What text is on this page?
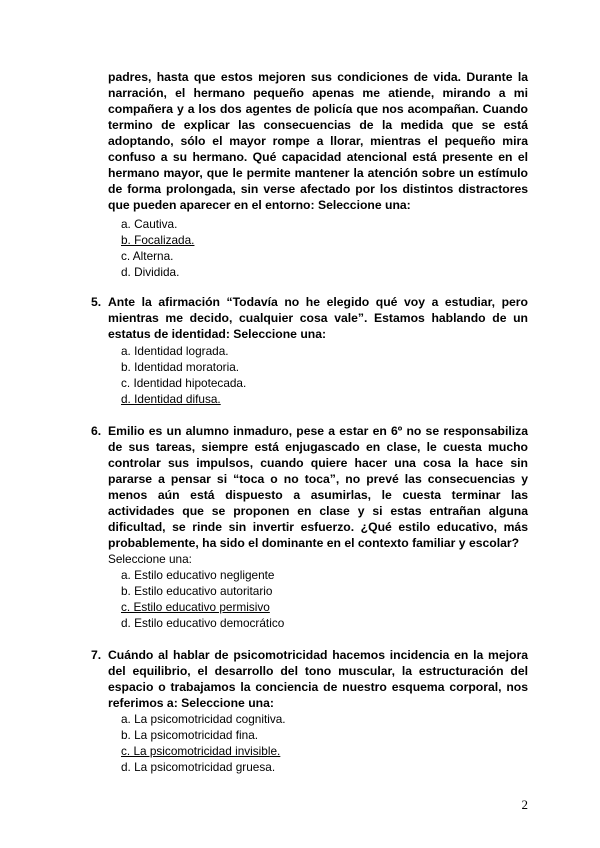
padres, hasta que estos mejoren sus condiciones de vida. Durante la narración, el hermano pequeño apenas me atiende, mirando a mi compañera y a los dos agentes de policía que nos acompañan. Cuando termino de explicar las consecuencias de la medida que se está adoptando, sólo el mayor rompe a llorar, mientras el pequeño mira confuso a su hermano. Qué capacidad atencional está presente en el hermano mayor, que le permite mantener la atención sobre un estímulo de forma prolongada, sin verse afectado por los distintos distractores que pueden aparecer en el entorno: Seleccione una:

a. Cautiva.
b. Focalizada.
c. Alterna.
d. Dividida.
5. Ante la afirmación “Todavía no he elegido qué voy a estudiar, pero mientras me decido, cualquier cosa vale”. Estamos hablando de un estatus de identidad: Seleccione una:

a. Identidad lograda.
b. Identidad moratoria.
c. Identidad hipotecada.
d. Identidad difusa.
6. Emilio es un alumno inmaduro, pese a estar en 6º no se responsabiliza de sus tareas, siempre está enjugascado en clase, le cuesta mucho controlar sus impulsos, cuando quiere hacer una cosa la hace sin pararse a pensar si “toca o no toca”, no prevé las consecuencias y menos aún está dispuesto a asumirlas, le cuesta terminar las actividades que se proponen en clase y si estas entrañan alguna dificultad, se rinde sin invertir esfuerzo. ¿Qué estilo educativo, más probablemente, ha sido el dominante en el contexto familiar y escolar?

Seleccione una:
a. Estilo educativo negligente
b. Estilo educativo autoritario
c. Estilo educativo permisivo
d. Estilo educativo democrático
7. Cuándo al hablar de psicomotricidad hacemos incidencia en la mejora del equilibrio, el desarrollo del tono muscular, la estructuración del espacio o trabajamos la conciencia de nuestro esquema corporal, nos referimos a: Seleccione una:

a. La psicomotricidad cognitiva.
b. La psicomotricidad fina.
c. La psicomotricidad invisible.
d. La psicomotricidad gruesa.
2
